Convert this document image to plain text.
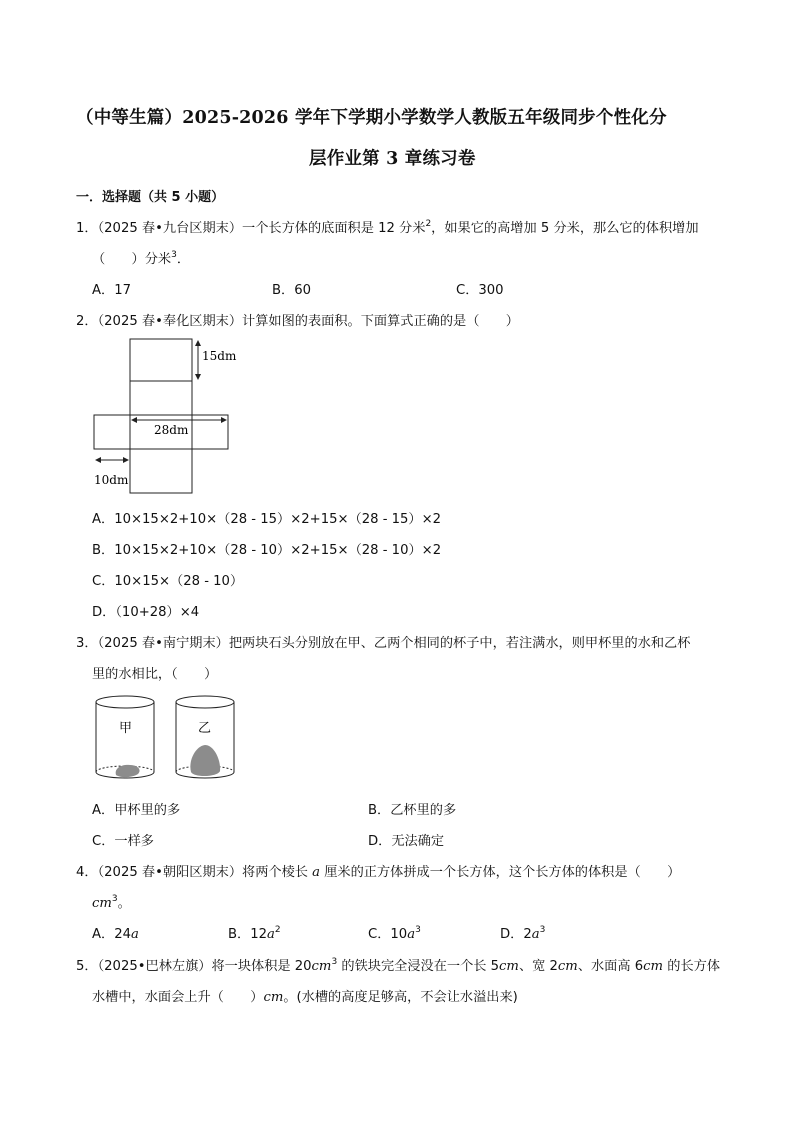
（中等生篇）2025-2026 学年下学期小学数学人教版五年级同步个性化分
层作业第 3 章练习卷
一．选择题（共 5 小题）
1．（2025 春•九台区期末）一个长方体的底面积是 12 分米$^2$，如果它的高增加 5 分米，那么它的体积增加
（　　）分米$^3$．
A．17	B．60	C．300
2．（2025 春•奉化区期末）计算如图的表面积。下面算式正确的是（　　）
15dm
28dm
10dm
A．10×15×2+10×（28 - 15）×2+15×（28 - 15）×2
B．10×15×2+10×（28 - 10）×2+15×（28 - 10）×2
C．10×15×（28 - 10）
D．（10+28）×4
3．（2025 春•南宁期末）把两块石头分别放在甲、乙两个相同的杯子中，若注满水，则甲杯里的水和乙杯
里的水相比，（　　）
甲	乙
A．甲杯里的多	B．乙杯里的多
C．一样多	D．无法确定
4．（2025 春•朝阳区期末）将两个棱长 a 厘米的正方体拼成一个长方体，这个长方体的体积是（　　）
$cm^3$。
A．24a	B．$12a^2$	C．$10a^3$	D．$2a^3$
5．（2025•巴林左旗）将一块体积是 $20cm^3$ 的铁块完全浸没在一个长 5cm、宽 2cm、水面高 6cm 的长方体
水槽中，水面会上升（　　）cm。(水槽的高度足够高，不会让水溢出来)
